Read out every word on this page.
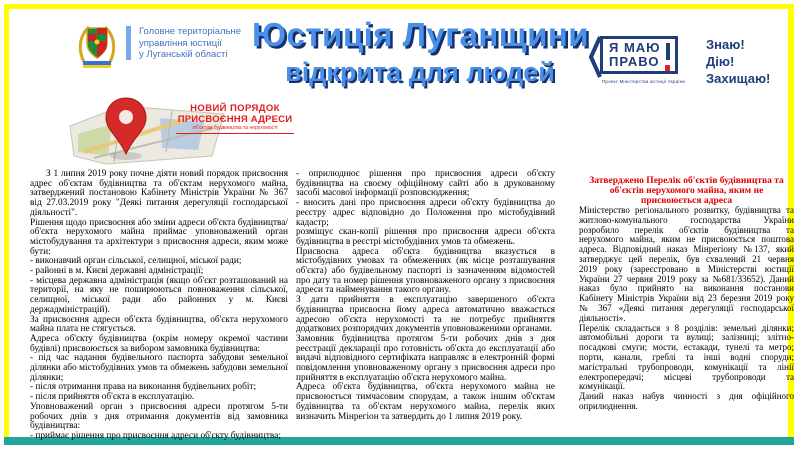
Головне територіальне
управління юстиції
у Луганській області
Юстиція Луганщини
відкрита для людей
Я МАЮ
ПРАВО
Проект Міністерства юстиції України
Знаю!
Дію!
Захищаю!
НОВИЙ ПОРЯДОК
ПРИСВОЄННЯ АДРЕСИ
об'єктам будівництва та нерухомості

З 1 липня 2019 року почне діяти новий порядок присвоєння адрес об'єктам будівництва та об'єктам нерухомого майна, затверджений постановою Кабінету Міністрів України № 367 від 27.03.2019 року "Деякі питання дерегуляції господарської діяльності".

Рішення щодо присвоєння або зміни адреси об'єкта будівництва/об'єкта нерухомого майна приймає уповноважений орган містобудування та архітектури з присвоєння адреси, яким може бути:

- виконавчий орган сільської, селищної, міської ради;

- районні в м. Києві державні адміністрації;

- місцева державна адміністрація (якщо об'єкт розташований на території, на яку не поширюються повноваження сільської, селищної, міської ради або районних у м. Києві держадміністрацій).

За присвоєння адреси об'єкта будівництва, об'єкта нерухомого майна плата не стягується.

Адреса об'єкту будівництва (окрім номеру окремої частини будівлі) присвоюється за вибором замовника будівництва:

- під час надання будівельного паспорта забудови земельної ділянки або містобудівних умов та обмежень забудови земельної ділянки;

- після отримання права на виконання будівельних робіт;

- після прийняття об'єкта в експлуатацію.

Уповноважений орган з присвоєння адреси протягом 5-ти робочих днів з дня отримання документів від замовника будівництва:

- приймає рішення про присвоєння адреси об'єкту будівництва;

- оприлюднює рішення про присвоєння адреси об'єкту будівництва на своєму офіційному сайті або в друкованому засобі масової інформації розповсюдження;

- вносить дані про присвоєння адреси об'єкту будівництва до реєстру адрес відповідно до Положення про містобудівний кадастр;

розміщує скан-копії рішення про присвоєння адреси об'єкта будівництва в реєстрі містобудівних умов та обмежень.

Присвоєна адреса об'єкта будівництва вказується в містобудівних умовах та обмеженнях (як місце розташування об'єкта) або будівельному паспорті із зазначенням відомостей про дату та номер рішення уповноваженого органу з присвоєння адреси та найменування такого органу.

З дати прийняття в експлуатацію завершеного об'єкта будівництва присвоєна йому адреса автоматично вважається адресою об'єкта нерухомості та не потребує прийняття додаткових розпорядчих документів уповноваженими органами.

Замовник будівництва протягом 5-ти робочих днів з дня реєстрації декларації про готовність об'єкта до експлуатації або видачі відповідного сертифіката направляє в електронній формі повідомлення уповноваженому органу з присвоєння адреси про прийняття в експлуатацію об'єкта нерухомого майна.

Адреса об'єкта будівництва, об'єкта нерухомого майна не присвоюється тимчасовим спорудам, а також іншим об'єктам будівництва та об'єктам нерухомого майна, перелік яких визначить Мінрегіон та затвердить до 1 липня 2019 року.

Затверджено Перелік об'єктів будівництва та об'єктів нерухомого майна, яким не присвоюється адреса

Міністерство регіонального розвитку, будівництва та житлово-комунального господарства України розробило перелік об'єктів будівництва та нерухомого майна, яким не присвоюється поштова адреса. Відповідний наказ Мінрегіону №137, який затверджує цей перелік, був схвалений 21 червня 2019 року (зареєстровано в Міністерстві юстиції України 27 червня 2019 року за №681/33652). Даний наказ було прийнято на виконання постанови Кабінету Міністрів України від 23 березня 2019 року № 367 «Деякі питання дерегуляції господарської діяльності».

Перелік складається з 8 розділів: земельні ділянки; автомобільні дороги та вулиці; залізниці; злітно-посадкові смуги; мости, естакади, тунелі та метро; порти, канали, греблі та інші водні споруди; магістральні трубопроводи, комунікації та лінії електропередачі; місцеві трубопроводи та комунікації.

Даний наказ набув чинності з дня офіційного оприлюднення.
